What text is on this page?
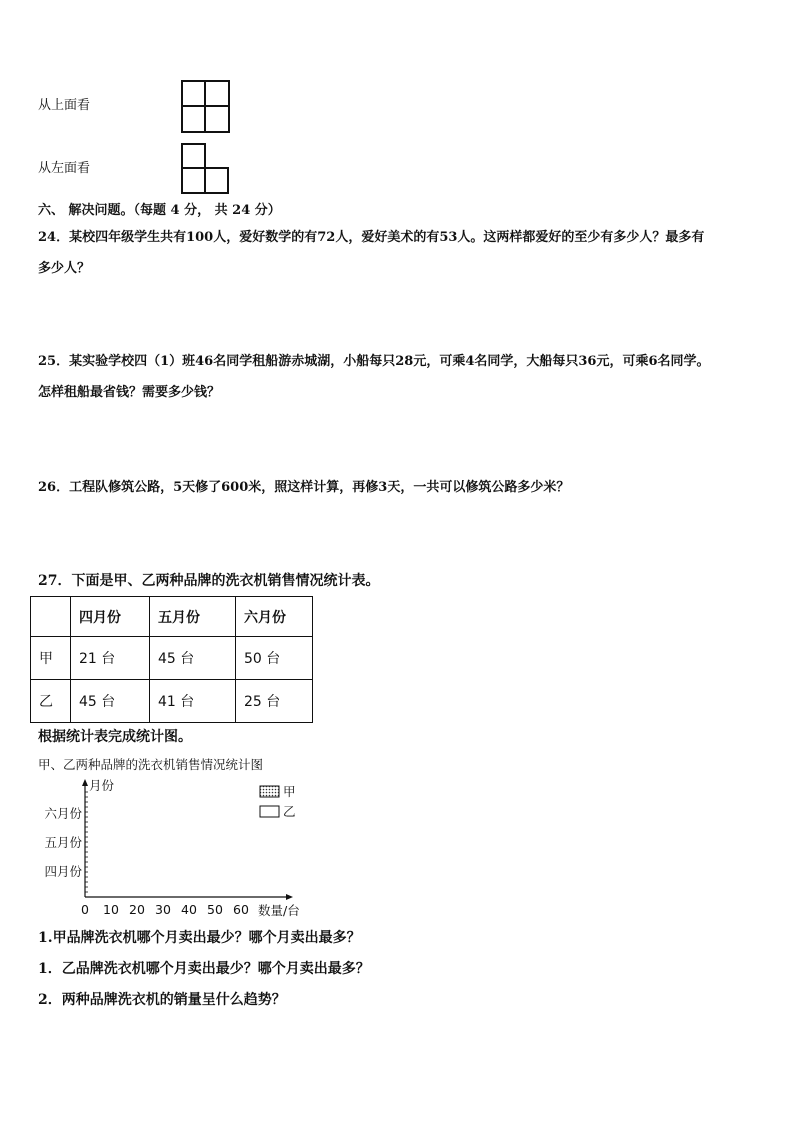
从上面看
从左面看
六、 解决问题。（每题 4 分， 共 24 分）
24．某校四年级学生共有100人，爱好数学的有72人，爱好美术的有53人。这两样都爱好的至少有多少人？最多有
多少人？
25．某实验学校四（1）班46名同学租船游赤城湖，小船每只28元，可乘4名同学，大船每只36元，可乘6名同学。
怎样租船最省钱？需要多少钱？
26．工程队修筑公路，5天修了600米，照这样计算，再修3天，一共可以修筑公路多少米？
27．下面是甲、乙两种品牌的洗衣机销售情况统计表。
	四月份	五月份	六月份
甲	21 台	45 台	50 台
乙	45 台	41 台	25 台
根据统计表完成统计图。
甲、乙两种品牌的洗衣机销售情况统计图
月份
数量/台
0 10 20 30 40 50 60
四月份
五月份
六月份
甲
乙
1.甲品牌洗衣机哪个月卖出最少？哪个月卖出最多？
1．乙品牌洗衣机哪个月卖出最少？哪个月卖出最多？
2．两种品牌洗衣机的销量呈什么趋势？
